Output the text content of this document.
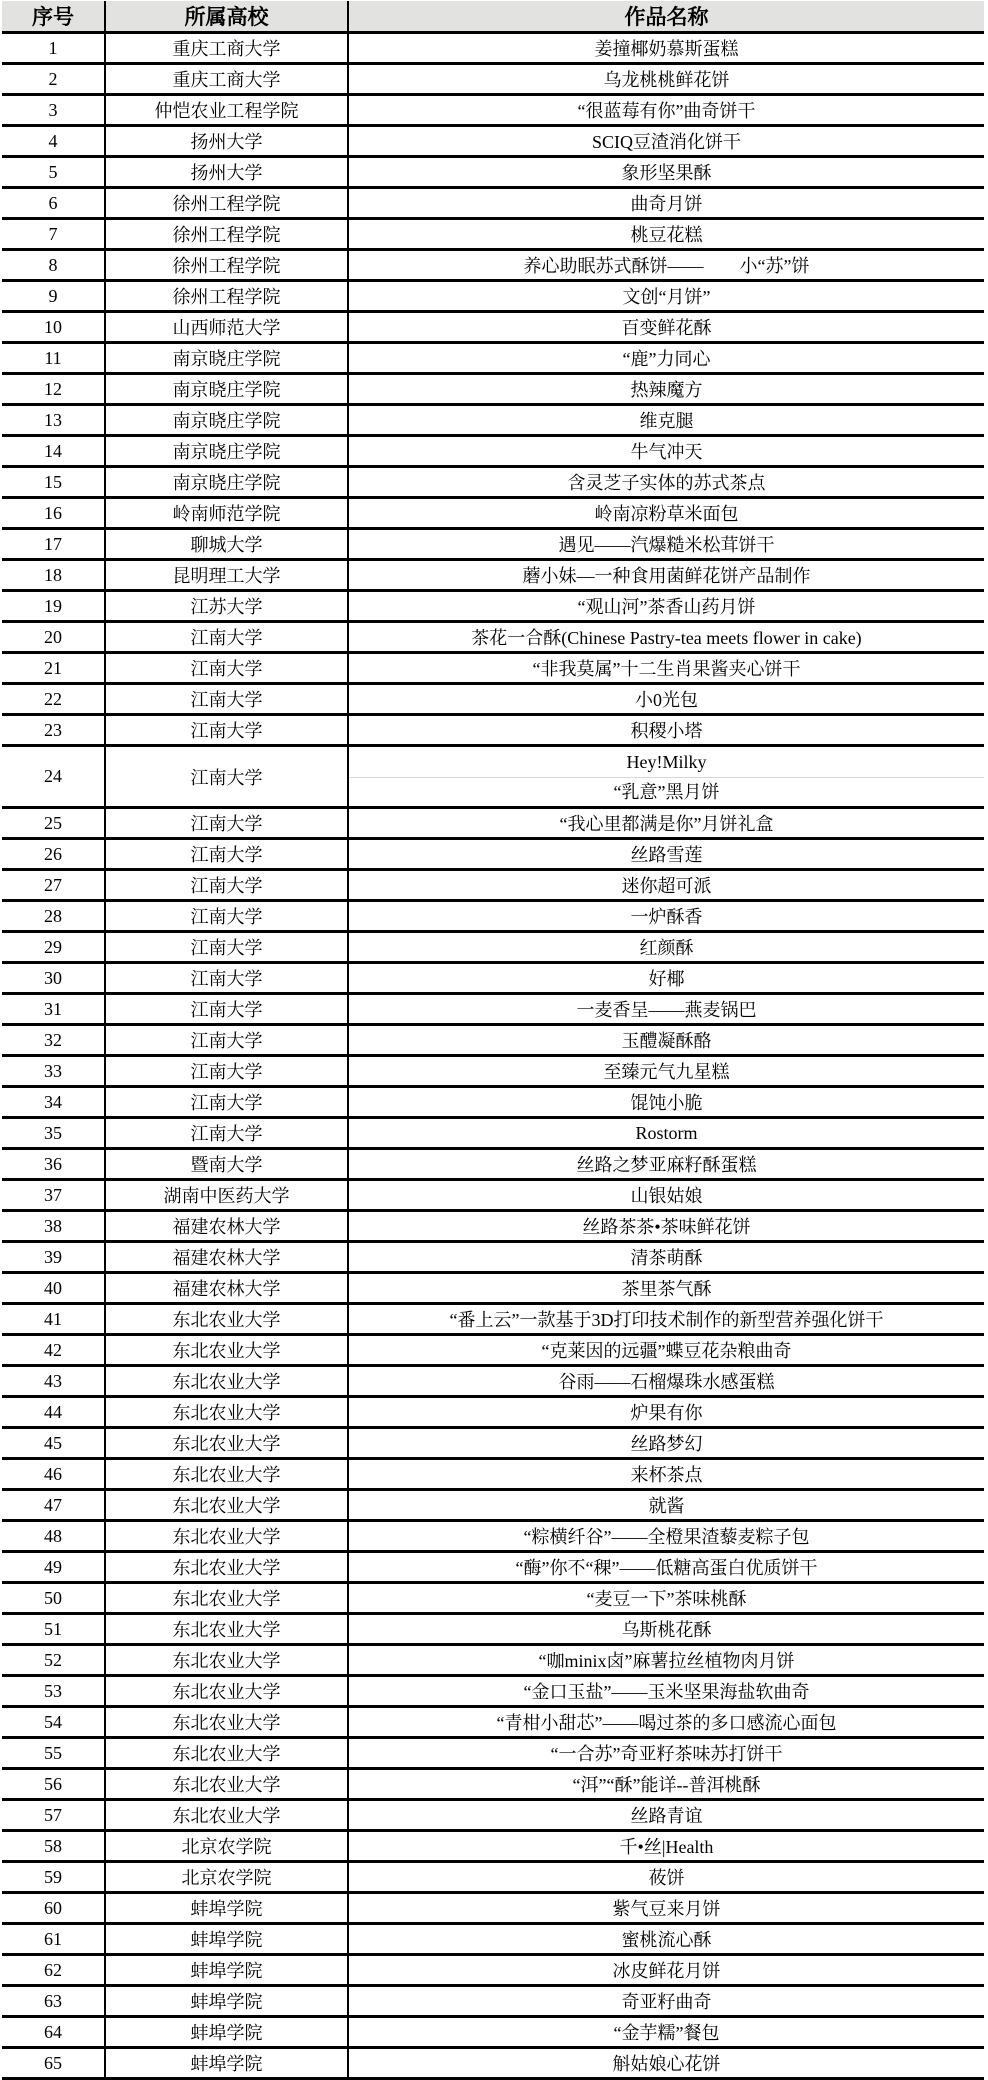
序号	所属高校	作品名称
1	重庆工商大学	姜撞椰奶慕斯蛋糕
2	重庆工商大学	乌龙桃桃鲜花饼
3	仲恺农业工程学院	“很蓝莓有你”曲奇饼干
4	扬州大学	SCIQ豆渣消化饼干
5	扬州大学	象形坚果酥
6	徐州工程学院	曲奇月饼
7	徐州工程学院	桃豆花糕
8	徐州工程学院	养心助眠苏式酥饼——　　小“苏”饼
9	徐州工程学院	文创“月饼”
10	山西师范大学	百变鲜花酥
11	南京晓庄学院	“鹿”力同心
12	南京晓庄学院	热辣魔方
13	南京晓庄学院	维克腿
14	南京晓庄学院	牛气冲天
15	南京晓庄学院	含灵芝子实体的苏式茶点
16	岭南师范学院	岭南凉粉草米面包
17	聊城大学	遇见——汽爆糙米松茸饼干
18	昆明理工大学	蘑小妹—一种食用菌鲜花饼产品制作
19	江苏大学	“观山河”茶香山药月饼
20	江南大学	茶花一合酥(Chinese Pastry-tea meets flower in cake)
21	江南大学	“非我莫属”十二生肖果酱夹心饼干
22	江南大学	小0光包
23	江南大学	积稷小塔
24	江南大学	Hey!Milky
“乳意”黑月饼

25	江南大学	“我心里都满是你”月饼礼盒
26	江南大学	丝路雪莲
27	江南大学	迷你超可派
28	江南大学	一炉酥香
29	江南大学	红颜酥
30	江南大学	好椰
31	江南大学	一麦香呈——燕麦锅巴
32	江南大学	玉醴凝酥酪
33	江南大学	至臻元气九星糕
34	江南大学	馄饨小脆
35	江南大学	Rostorm
36	暨南大学	丝路之梦亚麻籽酥蛋糕
37	湖南中医药大学	山银姑娘
38	福建农林大学	丝路茶茶•茶味鲜花饼
39	福建农林大学	清茶萌酥
40	福建农林大学	茶里茶气酥
41	东北农业大学	“番上云”一款基于3D打印技术制作的新型营养强化饼干
42	东北农业大学	“克莱因的远疆”蝶豆花杂粮曲奇
43	东北农业大学	谷雨——石榴爆珠水感蛋糕
44	东北农业大学	炉果有你
45	东北农业大学	丝路梦幻
46	东北农业大学	来杯茶点
47	东北农业大学	就酱
48	东北农业大学	“粽横纤谷”——全橙果渣藜麦粽子包
49	东北农业大学	“酶”你不“稞”——低糖高蛋白优质饼干
50	东北农业大学	“麦豆一下”茶味桃酥
51	东北农业大学	乌斯桃花酥
52	东北农业大学	“咖minix卤”麻薯拉丝植物肉月饼
53	东北农业大学	“金口玉盐”——玉米坚果海盐软曲奇
54	东北农业大学	“青柑小甜芯”——喝过茶的多口感流心面包
55	东北农业大学	“一合苏”奇亚籽茶味苏打饼干
56	东北农业大学	“洱”“酥”能详--普洱桃酥
57	东北农业大学	丝路青谊
58	北京农学院	千•丝|Health
59	北京农学院	莜饼
60	蚌埠学院	紫气豆来月饼
61	蚌埠学院	蜜桃流心酥
62	蚌埠学院	冰皮鲜花月饼
63	蚌埠学院	奇亚籽曲奇
64	蚌埠学院	“金芋糯”餐包
65	蚌埠学院	斛姑娘心花饼
